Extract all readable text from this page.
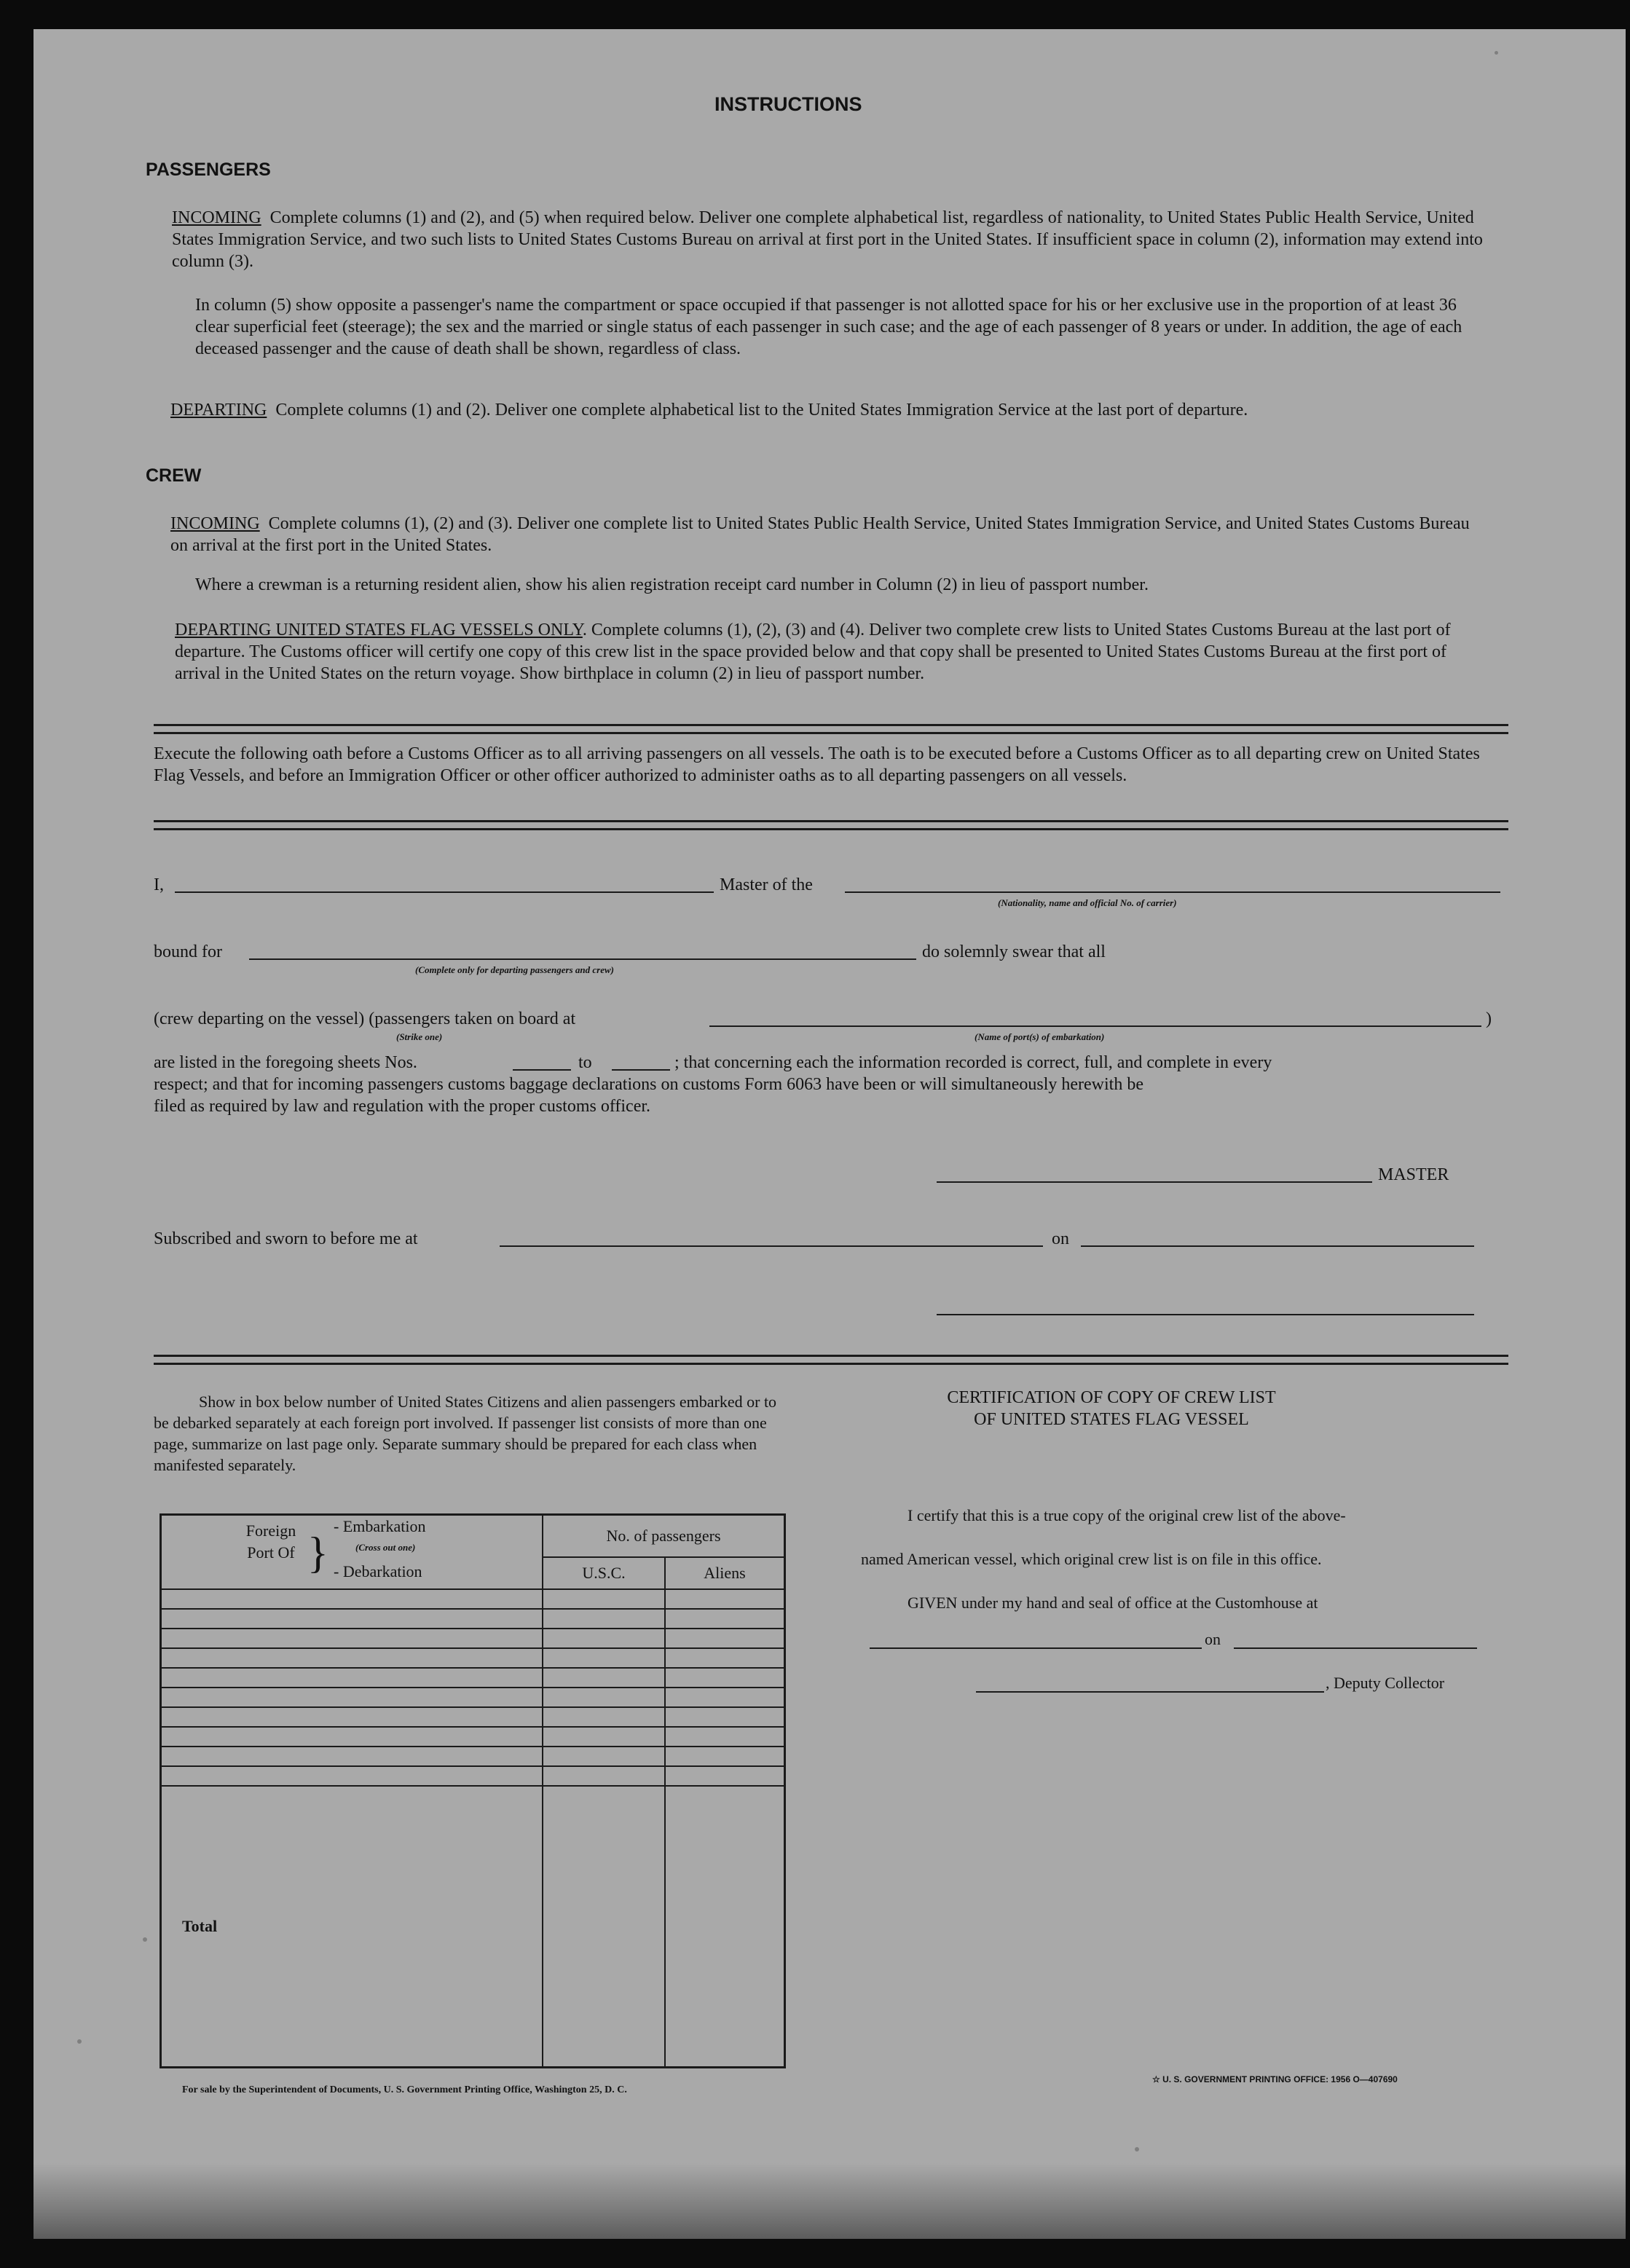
INSTRUCTIONS
PASSENGERS

INCOMING Complete columns (1) and (2), and (5) when required below. Deliver one complete alphabetical list, regardless of nationality, to United States Public Health Service, United States Immigration Service, and two such lists to United States Customs Bureau on arrival at first port in the United States. If insufficient space in column (2), information may extend into column (3).

In column (5) show opposite a passenger's name the compartment or space occupied if that passenger is not allotted space for his or her exclusive use in the proportion of at least 36 clear superficial feet (steerage); the sex and the married or single status of each passenger in such case; and the age of each passenger of 8 years or under. In addition, the age of each deceased passenger and the cause of death shall be shown, regardless of class.

DEPARTING Complete columns (1) and (2). Deliver one complete alphabetical list to the United States Immigration Service at the last port of departure.

CREW

INCOMING Complete columns (1), (2) and (3). Deliver one complete list to United States Public Health Service, United States Immigration Service, and United States Customs Bureau on arrival at the first port in the United States.

Where a crewman is a returning resident alien, show his alien registration receipt card number in Column (2) in lieu of passport number.

DEPARTING UNITED STATES FLAG VESSELS ONLY. Complete columns (1), (2), (3) and (4). Deliver two complete crew lists to United States Customs Bureau at the last port of departure. The Customs officer will certify one copy of this crew list in the space provided below and that copy shall be presented to United States Customs Bureau at the first port of arrival in the United States on the return voyage. Show birthplace in column (2) in lieu of passport number.

Execute the following oath before a Customs Officer as to all arriving passengers on all vessels. The oath is to be executed before a Customs Officer as to all departing crew on United States Flag Vessels, and before an Immigration Officer or other officer authorized to administer oaths as to all departing passengers on all vessels.

I,	Master of the
(Nationality, name and official No. of carrier)
bound for
(Complete only for departing passengers and crew)
do solemnly swear that all
(crew departing on the vessel) (passengers taken on board at
(Strike one)	(Name of port(s) of embarkation)
)
are listed in the foregoing sheets Nos.	to	; that concerning each the information recorded is correct, full, and complete in every
respect; and that for incoming passengers customs baggage declarations on customs Form 6063 have been or will simultaneously herewith be
filed as required by law and regulation with the proper customs officer.
MASTER
Subscribed and sworn to before me at	on

Show in box below number of United States Citizens and alien passengers embarked or to be debarked separately at each foreign port involved. If passenger list consists of more than one page, summarize on last page only. Separate summary should be prepared for each class when manifested separately.

Foreign Port Of }
- Embarkation
(Cross out one)
- Debarkation	No. of passengers	
	U.S.C.	Aliens

Total		
CERTIFICATION OF COPY OF CREW LIST
OF UNITED STATES FLAG VESSEL
I certify that this is a true copy of the original crew list of the above-
named American vessel, which original crew list is on file in this office.
GIVEN under my hand and seal of office at the Customhouse at
on
, Deputy Collector
For sale by the Superintendent of Documents, U. S. Government Printing Office, Washington 25, D. C.
☆ U. S. GOVERNMENT PRINTING OFFICE: 1956 O—407690
